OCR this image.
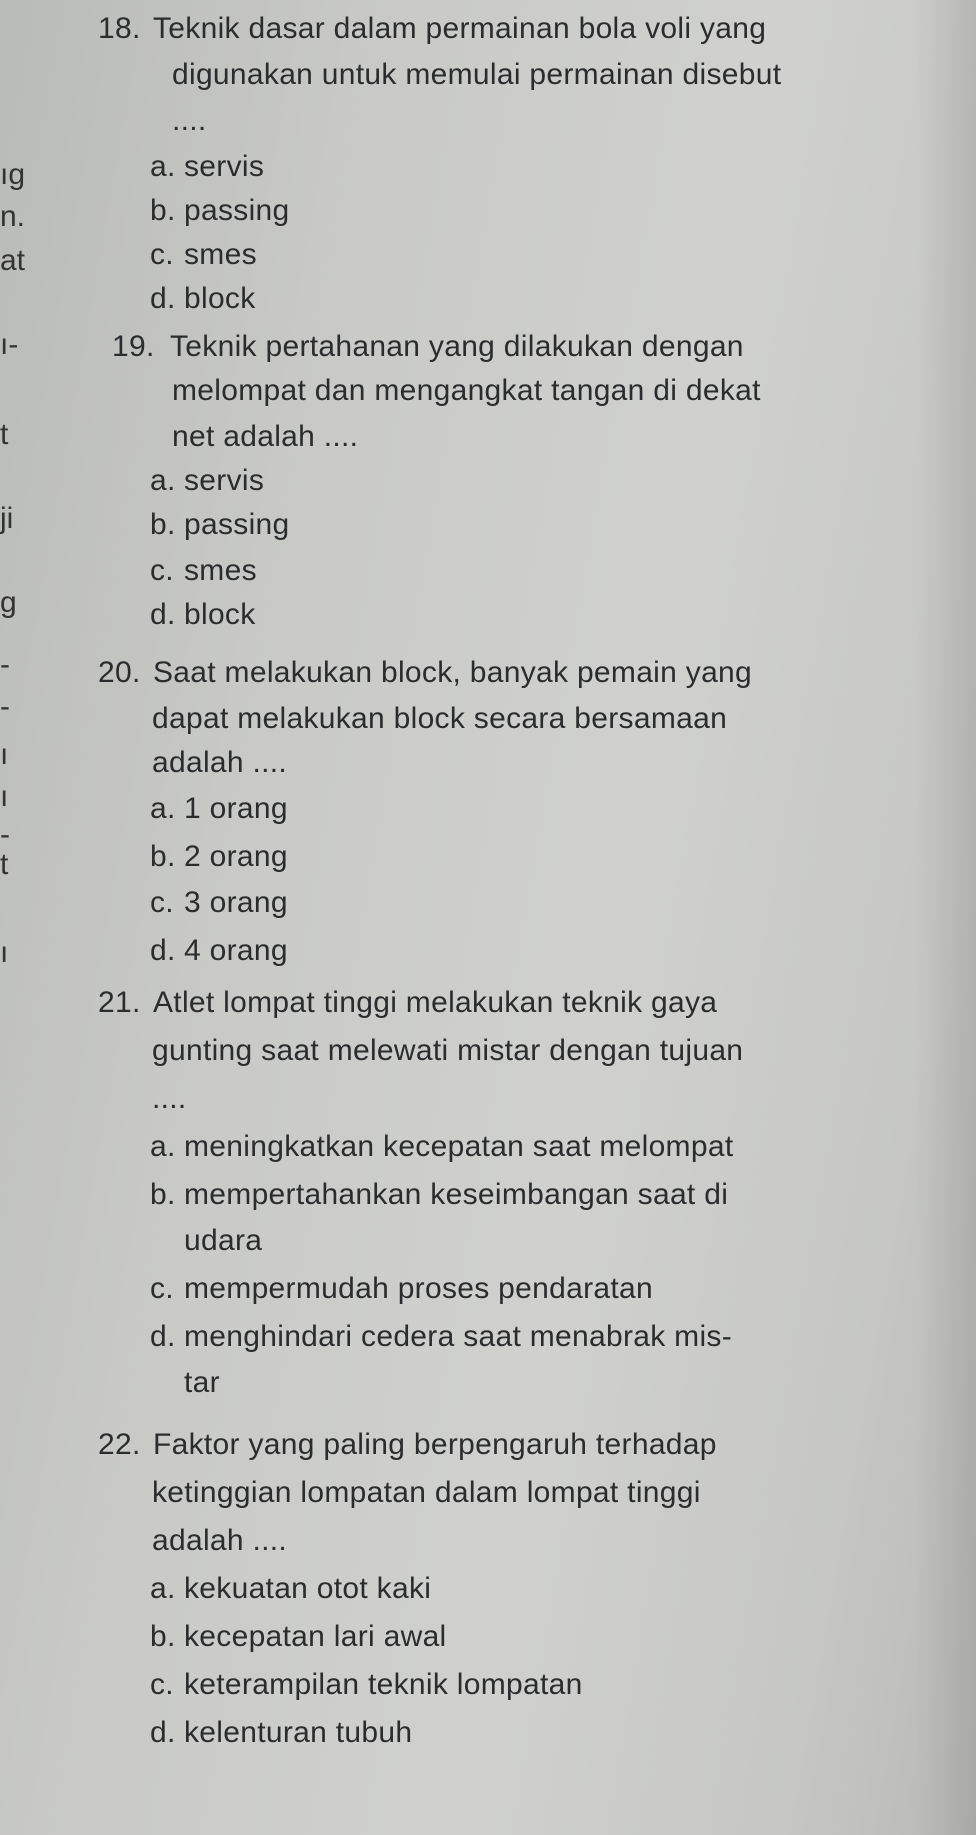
ıg
n.
at
ı-
t
ji
g
-
-
ı
ı
-
t
ı
18. Teknik dasar dalam permainan bola voli yang
digunakan untuk memulai permainan disebut
....
a. servis
b. passing
c. smes
d. block
19. Teknik pertahanan yang dilakukan dengan
melompat dan mengangkat tangan di dekat
net adalah ....
a. servis
b. passing
c. smes
d. block
20. Saat melakukan block, banyak pemain yang
dapat melakukan block secara bersamaan
adalah ....
a. 1 orang
b. 2 orang
c. 3 orang
d. 4 orang
21. Atlet lompat tinggi melakukan teknik gaya
gunting saat melewati mistar dengan tujuan
....
a. meningkatkan kecepatan saat melompat
b. mempertahankan keseimbangan saat di
udara
c. mempermudah proses pendaratan
d. menghindari cedera saat menabrak mis-
tar
22. Faktor yang paling berpengaruh terhadap
ketinggian lompatan dalam lompat tinggi
adalah ....
a. kekuatan otot kaki
b. kecepatan lari awal
c. keterampilan teknik lompatan
d. kelenturan tubuh
